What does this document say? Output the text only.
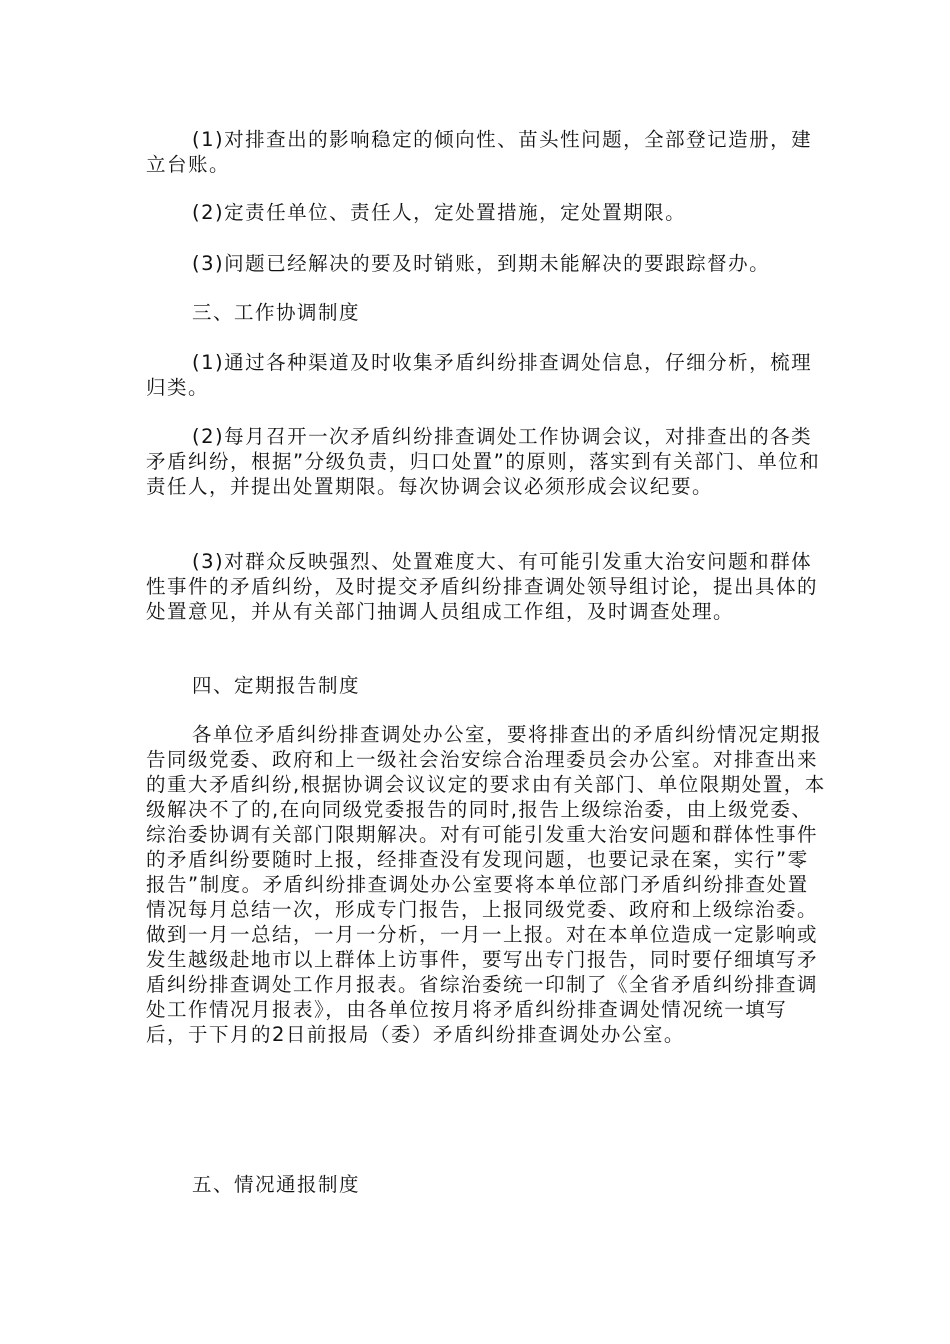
(1)对排查出的影响稳定的倾向性、苗头性问题，全部登记造册，建立台账。

(2)定责任单位、责任人，定处置措施，定处置期限。

(3)问题已经解决的要及时销账，到期未能解决的要跟踪督办。

三、工作协调制度

(1)通过各种渠道及时收集矛盾纠纷排查调处信息，仔细分析，梳理归类。

(2)每月召开一次矛盾纠纷排查调处工作协调会议，对排查出的各类矛盾纠纷，根据”分级负责，归口处置”的原则，落实到有关部门、单位和责任人，并提出处置期限。每次协调会议必须形成会议纪要。

(3)对群众反映强烈、处置难度大、有可能引发重大治安问题和群体性事件的矛盾纠纷，及时提交矛盾纠纷排查调处领导组讨论，提出具体的处置意见，并从有关部门抽调人员组成工作组，及时调查处理。

四、定期报告制度

各单位矛盾纠纷排查调处办公室，要将排查出的矛盾纠纷情况定期报告同级党委、政府和上一级社会治安综合治理委员会办公室。对排查出来的重大矛盾纠纷,根据协调会议议定的要求由有关部门、单位限期处置，本级解决不了的,在向同级党委报告的同时,报告上级综治委，由上级党委、综治委协调有关部门限期解决。对有可能引发重大治安问题和群体性事件的矛盾纠纷要随时上报，经排查没有发现问题，也要记录在案，实行”零报告”制度。矛盾纠纷排查调处办公室要将本单位部门矛盾纠纷排查处置情况每月总结一次，形成专门报告，上报同级党委、政府和上级综治委。做到一月一总结，一月一分析，一月一上报。对在本单位造成一定影响或发生越级赴地市以上群体上访事件，要写出专门报告，同时要仔细填写矛盾纠纷排查调处工作月报表。省综治委统一印制了《全省矛盾纠纷排查调处工作情况月报表》，由各单位按月将矛盾纠纷排查调处情况统一填写后，于下月的2日前报局（委）矛盾纠纷排查调处办公室。

五、情况通报制度
